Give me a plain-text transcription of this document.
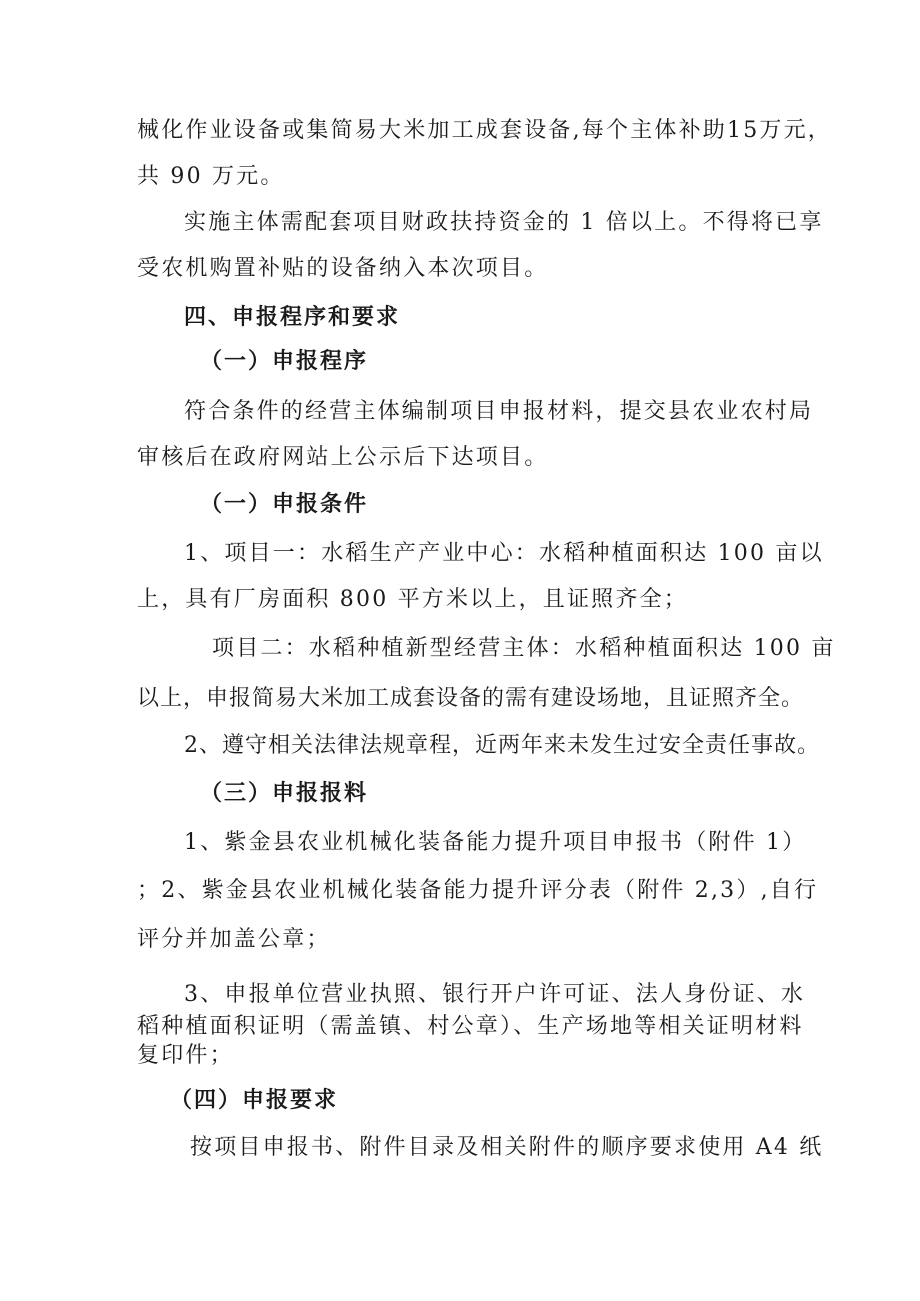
械化作业设备或集简易大米加工成套设备,每个主体补助15万元，
共 90 万元。
实施主体需配套项目财政扶持资金的 1 倍以上。不得将已享
受农机购置补贴的设备纳入本次项目。
四、申报程序和要求
（一）申报程序
符合条件的经营主体编制项目申报材料，提交县农业农村局
审核后在政府网站上公示后下达项目。
（一）申报条件
1、项目一：水稻生产产业中心：水稻种植面积达 100 亩以
上，具有厂房面积 800 平方米以上，且证照齐全；
项目二：水稻种植新型经营主体：水稻种植面积达 100 亩
以上，申报简易大米加工成套设备的需有建设场地，且证照齐全。
2、遵守相关法律法规章程，近两年来未发生过安全责任事故。
（三）申报报料
1、紫金县农业机械化装备能力提升项目申报书（附件 1）
；2、紫金县农业机械化装备能力提升评分表（附件 2,3）,自行
评分并加盖公章；
3、申报单位营业执照、银行开户许可证、法人身份证、水
稻种植面积证明（需盖镇、村公章）、生产场地等相关证明材料
复印件；
（四）申报要求
按项目申报书、附件目录及相关附件的顺序要求使用 A4 纸
